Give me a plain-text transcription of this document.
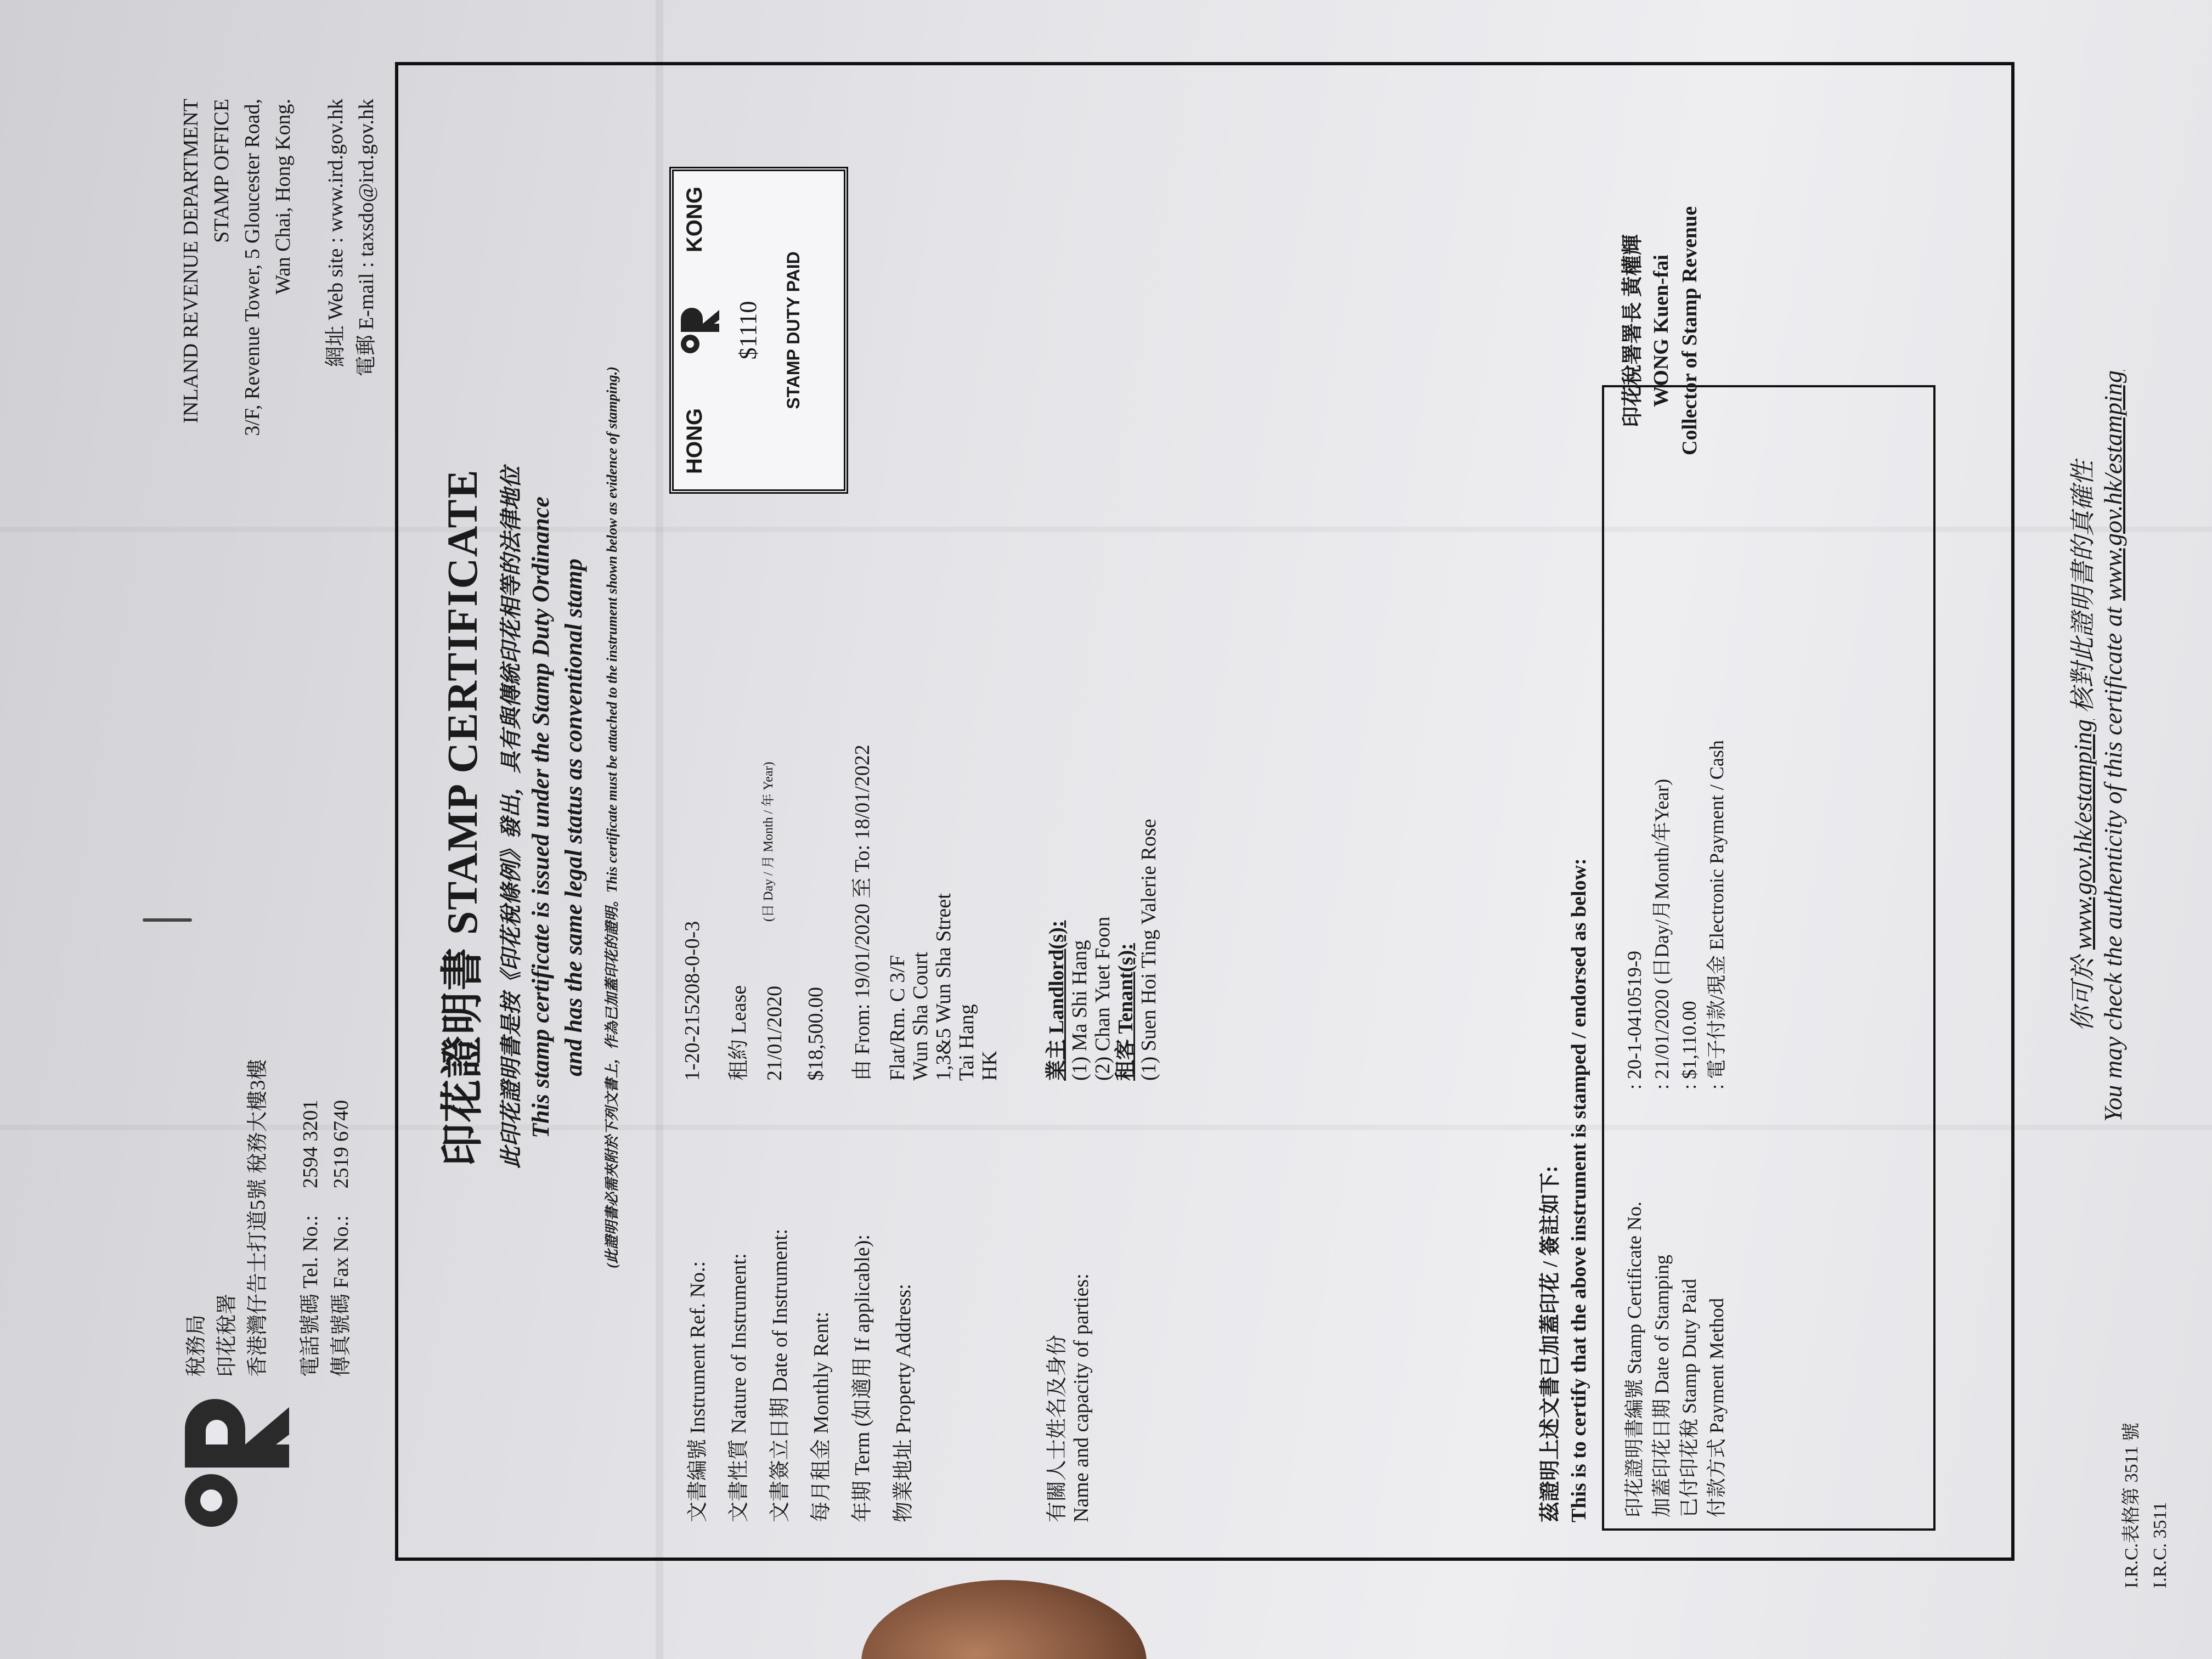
稅務局 印花稅署 香港灣仔告士打道5號 稅務大樓3樓 電話號碼 Tel. No.:  2594 3201
傳真號碼 Fax No.:  2519 6740
INLAND REVENUE DEPARTMENT STAMP OFFICE 3/F, Revenue Tower, 5 Gloucester Road, Wan Chai, Hong Kong. 網址 Web site : www.ird.gov.hk 電郵 E-mail : taxsdo@ird.gov.hk
印花證明書 STAMP CERTIFICATE 此印花證明書是按《印花稅條例》發出，具有與傳統印花相等的法律地位 This stamp certificate is issued under the Stamp Duty Ordinance and has the same legal status as conventional stamp (此證明書必需夾附於下列文書上，作為已加蓋印花的證明。This certificate must be attached to the instrument shown below as evidence of stamping.)	HONG
KONG
$1110 STAMP DUTY PAID
文書編號 Instrument Ref. No.:
1-20-215208-0-0-3
文書性質 Nature of Instrument:
租約 Lease
文書簽立日期 Date of Instrument:
21/01/2020
(日 Day / 月 Month / 年 Year)
每月租金 Monthly Rent:
$18,500.00
年期 Term (如適用 If applicable):
由 From: 19/01/2020 至 To: 18/01/2022
物業地址 Property Address:
Flat/Rm. C 3/F Wun Sha Court 1,3&5 Wun Sha Street Tai Hang HK
有關人士姓名及身份 Name and capacity of parties:
業主 Landlord(s): (1) Ma Shi Hang (2) Chan Yuet Foon 租客 Tenant(s): (1) Suen Hoi Ting Valerie Rose
茲證明上述文書已加蓋印花 / 簽註如下: This is to certify that the above instrument is stamped / endorsed as below: 印花證明書編號 Stamp Certificate No. 加蓋印花日期 Date of Stamping 已付印花稅 Stamp Duty Paid 付款方式 Payment Method
: 20-1-0410519-9 : 21/01/2020 (日Day/月Month/年Year) : $1,110.00 : 電子付款/現金 Electronic Payment / Cash
印花稅署署長 黃權輝 WONG Kuen-fai Collector of Stamp Revenue
你可於 www.gov.hk/estamping 核對此證明書的真確性
You may check the authenticity of this certificate at www.gov.hk/estamping
I.R.C.表格第 3511 號 I.R.C. 3511
